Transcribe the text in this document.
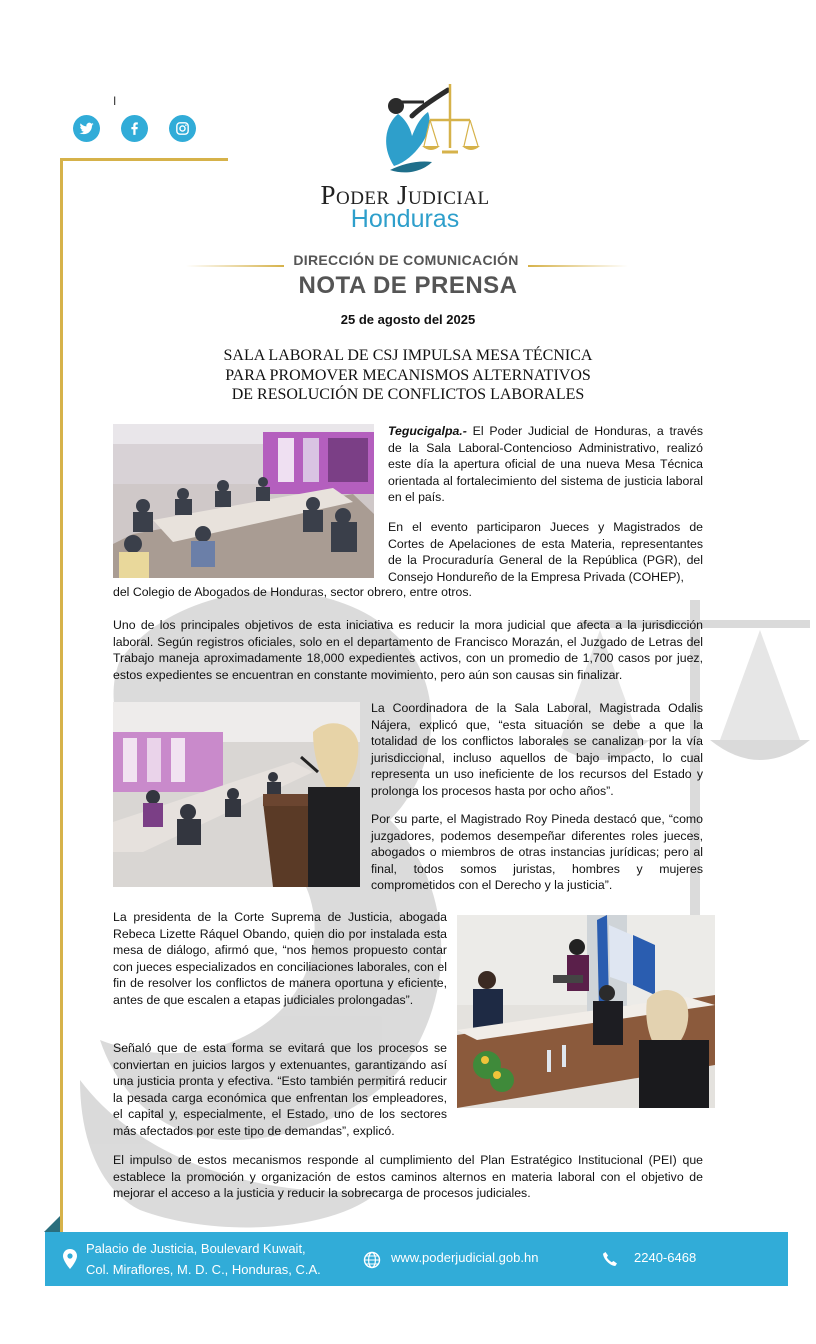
I
Poder Judicial
Honduras
DIRECCIÓN DE COMUNICACIÓN
NOTA DE PRENSA
25 de agosto del 2025
SALA LABORAL DE CSJ IMPULSA MESA TÉCNICA
PARA PROMOVER MECANISMOS ALTERNATIVOS
DE RESOLUCIÓN DE CONFLICTOS LABORALES
Tegucigalpa.- El Poder Judicial de Honduras, a través de la Sala Laboral-Contencioso Administrativo, realizó este día la apertura oficial de una nueva Mesa Técnica orientada al fortalecimiento del sistema de justicia laboral en el país.
En el evento participaron Jueces y Magistrados de Cortes de Apelaciones de esta Materia, representantes de la Procuraduría General de la República (PGR), del Consejo Hondureño de la Empresa Privada (COHEP),
del Colegio de Abogados de Honduras, sector obrero, entre otros.
Uno de los principales objetivos de esta iniciativa es reducir la mora judicial que afecta a la jurisdicción laboral. Según registros oficiales, solo en el departamento de Francisco Morazán, el Juzgado de Letras del Trabajo maneja aproximadamente 18,000 expedientes activos, con un promedio de 1,700 casos por juez, estos expedientes se encuentran en constante movimiento, pero aún son causas sin finalizar.
La Coordinadora de la Sala Laboral, Magistrada Odalis Nájera, explicó que, “esta situación se debe a que la totalidad de los conflictos laborales se canalizan por la vía jurisdiccional, incluso aquellos de bajo impacto, lo cual representa un uso ineficiente de los recursos del Estado y prolonga los procesos hasta por ocho años”.
Por su parte, el Magistrado Roy Pineda destacó que, “como juzgadores, podemos desempeñar diferentes roles jueces, abogados o miembros de otras instancias jurídicas; pero al final, todos somos juristas, hombres y mujeres comprometidos con el Derecho y la justicia”.
La presidenta de la Corte Suprema de Justicia, abogada Rebeca Lizette Ráquel Obando, quien dio por instalada esta mesa de diálogo, afirmó que, “nos hemos propuesto contar con jueces especializados en conciliaciones laborales, con el fin de resolver los conflictos de manera oportuna y eficiente, antes de que escalen a etapas judiciales prolongadas”.
Señaló que de esta forma se evitará que los procesos se conviertan en juicios largos y extenuantes, garantizando así una justicia pronta y efectiva. “Esto también permitirá reducir la pesada carga económica que enfrentan los empleadores, el capital y, especialmente, el Estado, uno de los sectores más afectados por este tipo de demandas”, explicó.
El impulso de estos mecanismos responde al cumplimiento del Plan Estratégico Institucional (PEI) que establece la promoción y organización de estos caminos alternos en materia laboral con el objetivo de mejorar el acceso a la justicia y reducir la sobrecarga de procesos judiciales.
Palacio de Justicia, Boulevard Kuwait,
Col. Miraflores, M. D. C., Honduras, C.A.
www.poderjudicial.gob.hn	2240-6468
